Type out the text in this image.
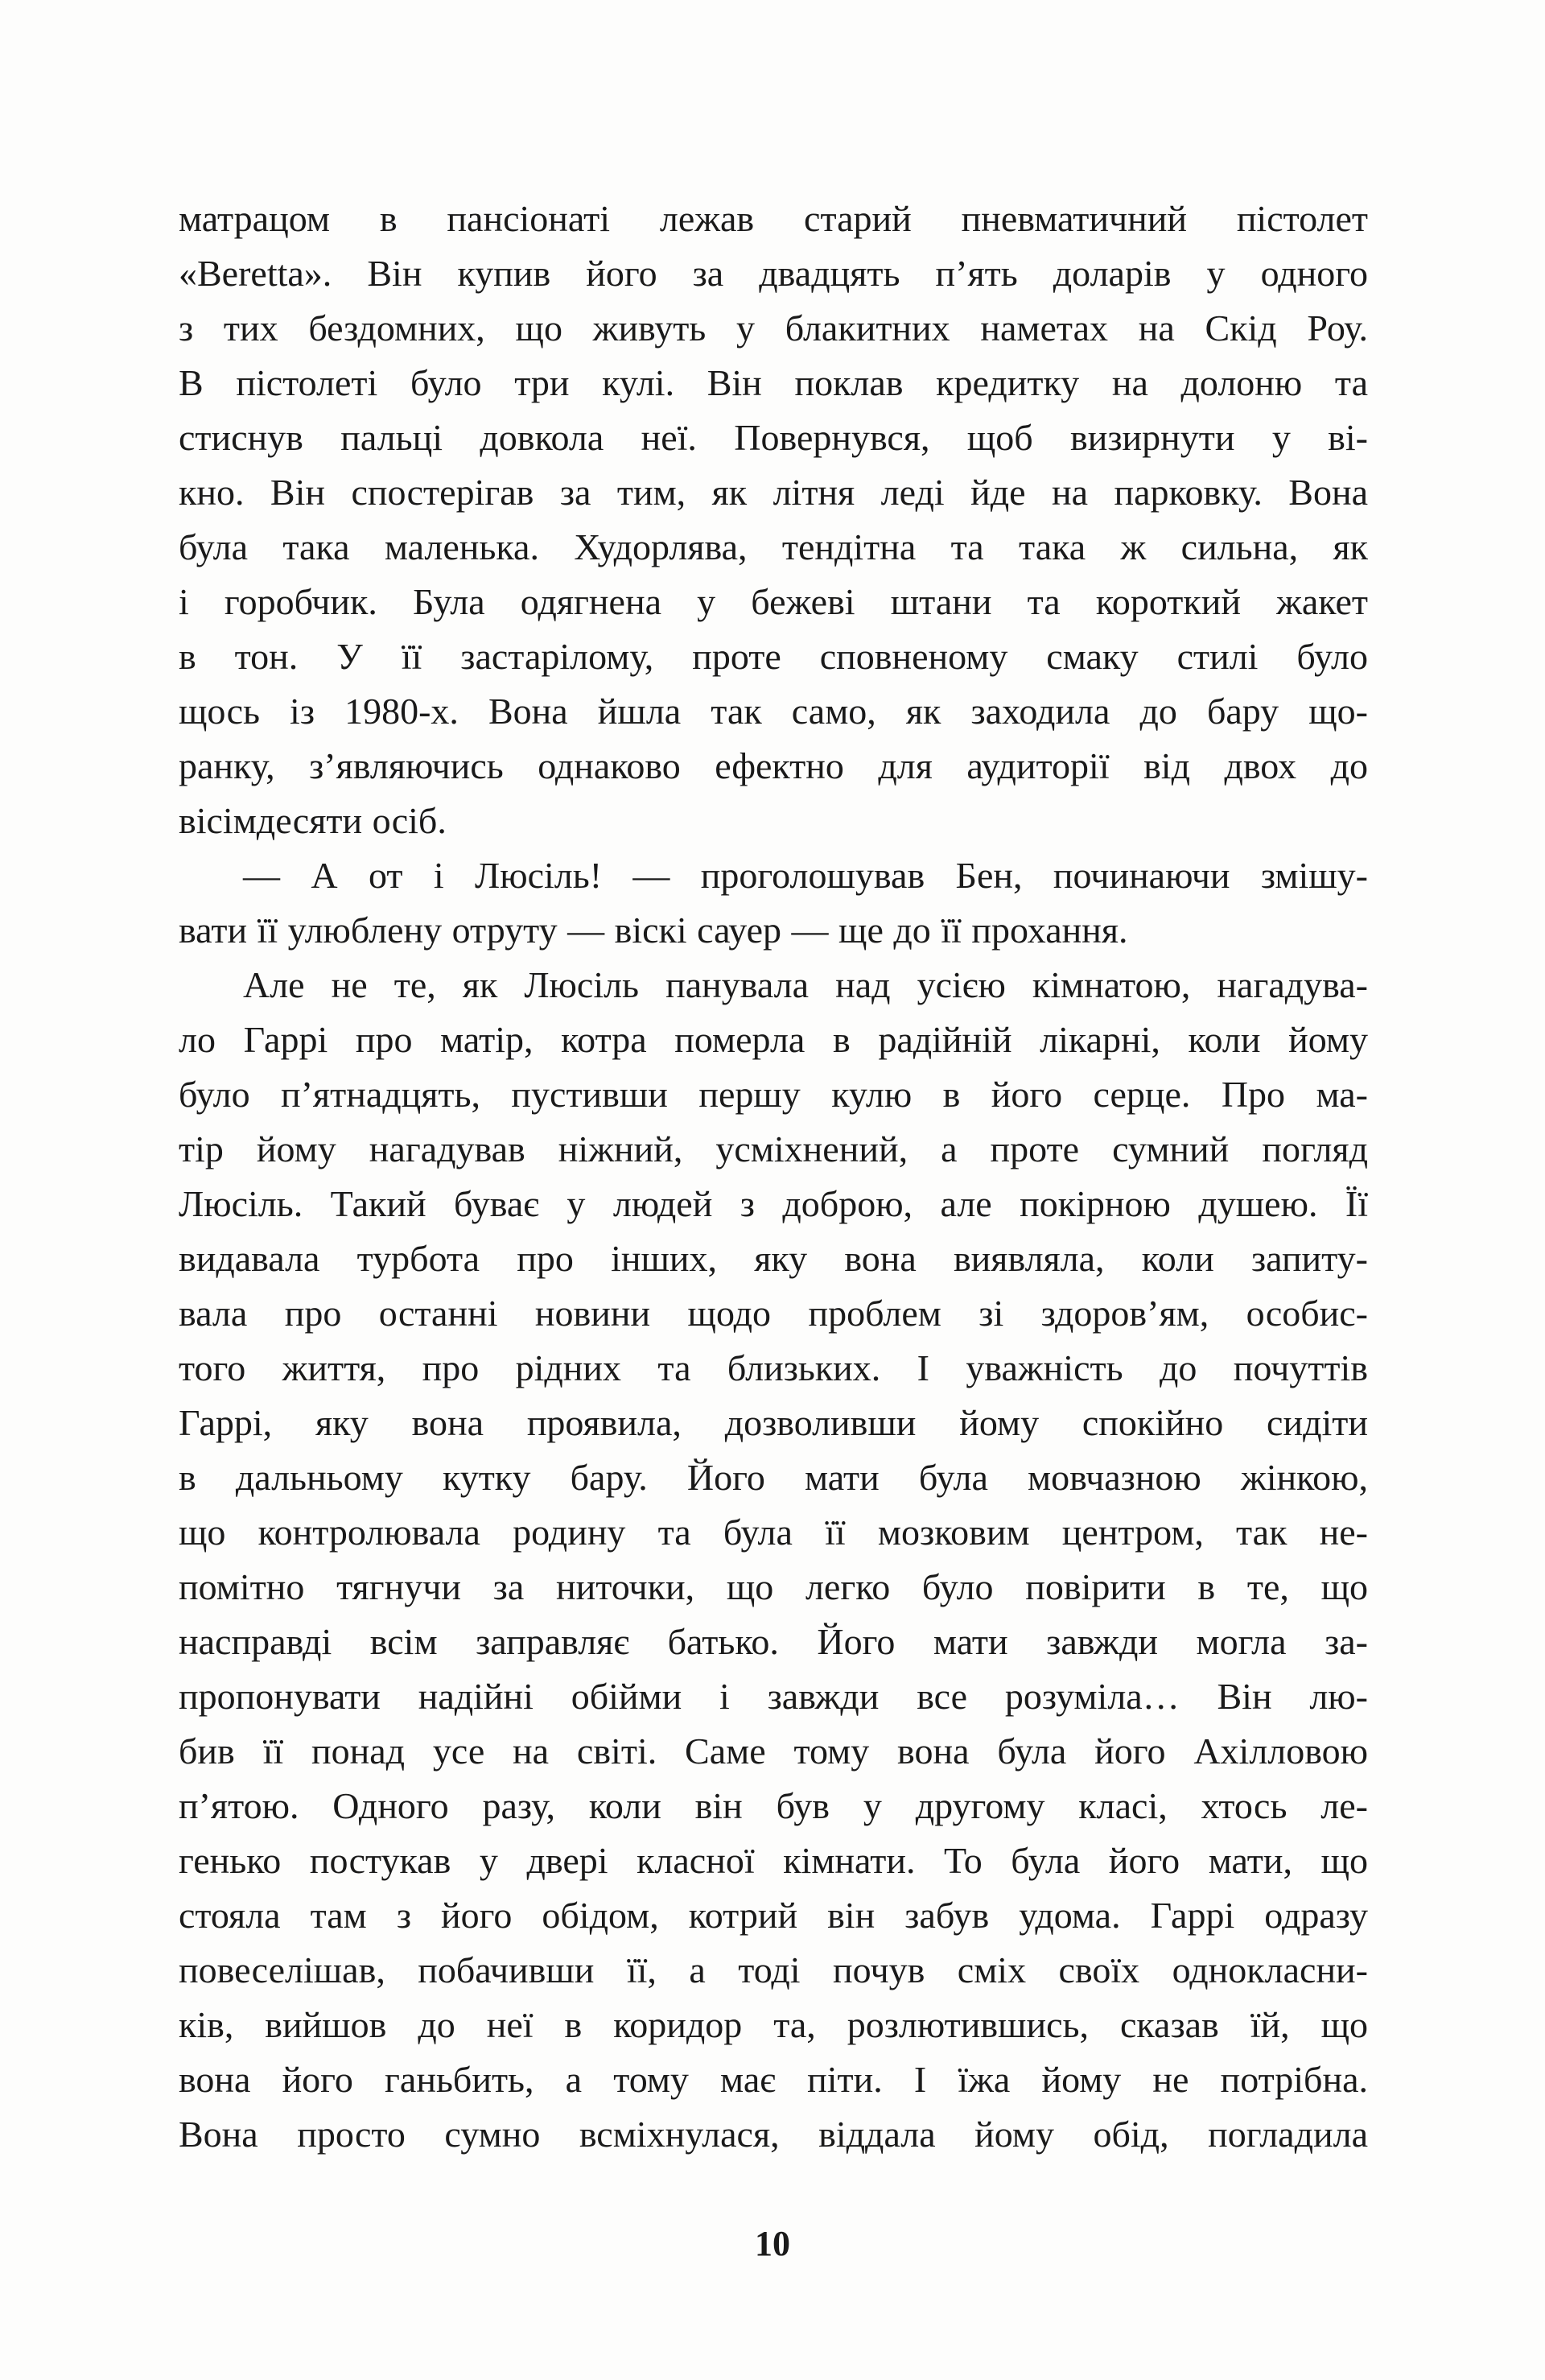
матрацом в пансіонаті лежав старий пневматичний пістолет
«Beretta». Він купив його за двадцять п’ять доларів у одного
з тих бездомних, що живуть у блакитних наметах на Скід Роу.
В пістолеті було три кулі. Він поклав кредитку на долоню та
стиснув пальці довкола неї. Повернувся, щоб визирнути у ві-
кно. Він спостерігав за тим, як літня леді йде на парковку. Вона
була така маленька. Худорлява, тендітна та така ж сильна, як
і горобчик. Була одягнена у бежеві штани та короткий жакет
в тон. У її застарілому, проте сповненому смаку стилі було
щось із 1980-х. Вона йшла так само, як заходила до бару що-
ранку, з’являючись однаково ефектно для аудиторії від двох до
вісімдесяти осіб.
— А от і Люсіль! — проголошував Бен, починаючи змішу-
вати її улюблену отруту — віскі сауер — ще до її прохання.
Але не те, як Люсіль панувала над усією кімнатою, нагадува-
ло Гаррі про матір, котра померла в радійній лікарні, коли йому
було п’ятнадцять, пустивши першу кулю в його серце. Про ма-
тір йому нагадував ніжний, усміхнений, а проте сумний погляд
Люсіль. Такий буває у людей з доброю, але покірною душею. Її
видавала турбота про інших, яку вона виявляла, коли запиту-
вала про останні новини щодо проблем зі здоров’ям, особис-
того життя, про рідних та близьких. І уважність до почуттів
Гаррі, яку вона проявила, дозволивши йому спокійно сидіти
в дальньому кутку бару. Його мати була мовчазною жінкою,
що контролювала родину та була її мозковим центром, так не-
помітно тягнучи за ниточки, що легко було повірити в те, що
насправді всім заправляє батько. Його мати завжди могла за-
пропонувати надійні обійми і завжди все розуміла… Він лю-
бив її понад усе на світі. Саме тому вона була його Ахілловою
п’ятою. Одного разу, коли він був у другому класі, хтось ле-
генько постукав у двері класної кімнати. То була його мати, що
стояла там з його обідом, котрий він забув удома. Гаррі одразу
повеселішав, побачивши її, а тоді почув сміх своїх однокласни-
ків, вийшов до неї в коридор та, розлютившись, сказав їй, що
вона його ганьбить, а тому має піти. І їжа йому не потрібна.
Вона просто сумно всміхнулася, віддала йому обід, погладила
10
